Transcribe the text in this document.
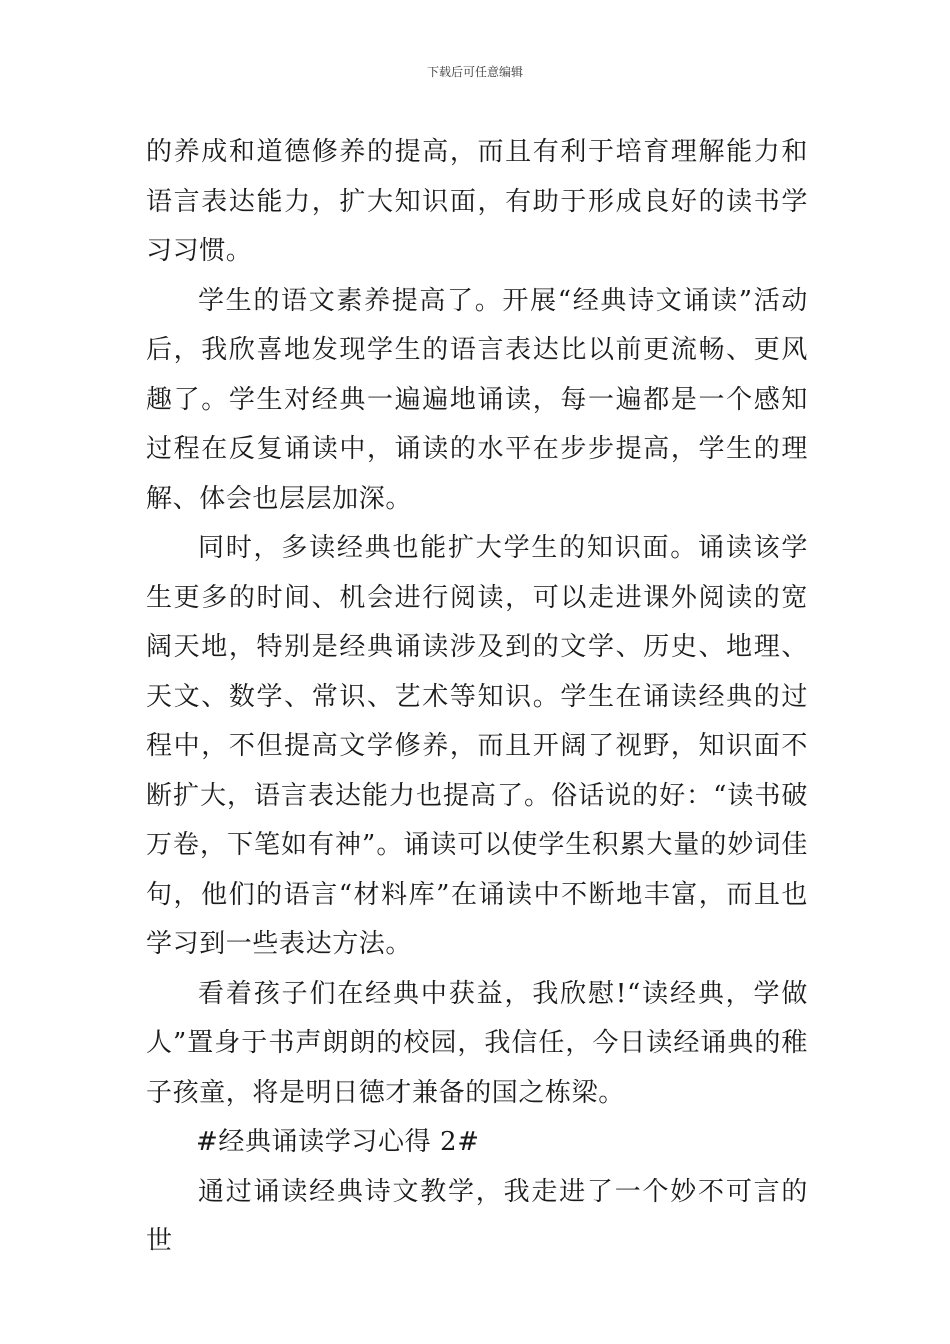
下载后可任意编辑

的养成和道德修养的提高，而且有利于培育理解能力和语言表达能力，扩大知识面，有助于形成良好的读书学习习惯。

学生的语文素养提高了。开展“经典诗文诵读”活动后，我欣喜地发现学生的语言表达比以前更流畅、更风趣了。学生对经典一遍遍地诵读，每一遍都是一个感知过程在反复诵读中，诵读的水平在步步提高，学生的理解、体会也层层加深。

同时，多读经典也能扩大学生的知识面。诵读该学生更多的时间、机会进行阅读，可以走进课外阅读的宽阔天地，特别是经典诵读涉及到的文学、历史、地理、天文、数学、常识、艺术等知识。学生在诵读经典的过程中，不但提高文学修养，而且开阔了视野，知识面不断扩大，语言表达能力也提高了。俗话说的好：“读书破万卷，下笔如有神”。诵读可以使学生积累大量的妙词佳句，他们的语言“材料库”在诵读中不断地丰富，而且也学习到一些表达方法。

看着孩子们在经典中获益，我欣慰!“读经典，学做人”置身于书声朗朗的校园，我信任，今日读经诵典的稚子孩童，将是明日德才兼备的国之栋梁。

#经典诵读学习心得 2#

通过诵读经典诗文教学，我走进了一个妙不可言的世
